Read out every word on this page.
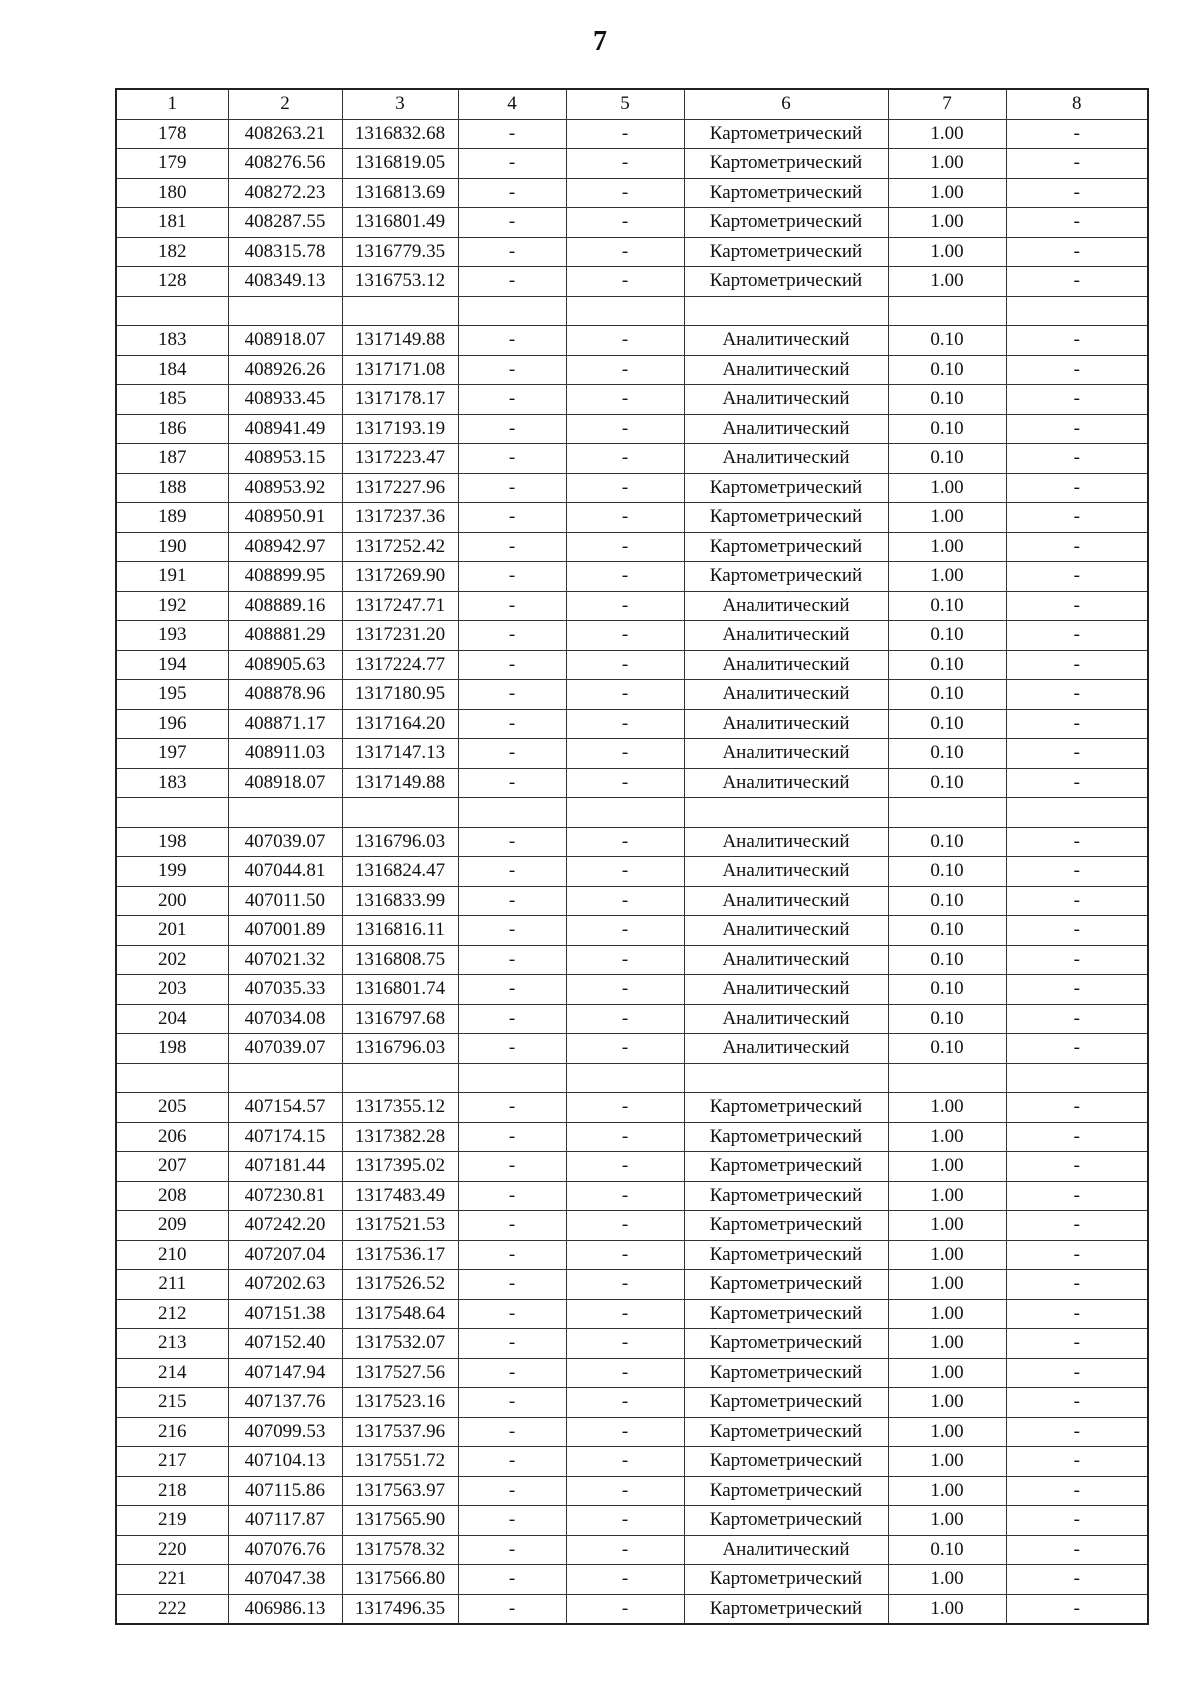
7
1	2	3	4	5	6	7	8
178	408263.21	1316832.68	-	-	Картометрический	1.00	-
179	408276.56	1316819.05	-	-	Картометрический	1.00	-
180	408272.23	1316813.69	-	-	Картометрический	1.00	-
181	408287.55	1316801.49	-	-	Картометрический	1.00	-
182	408315.78	1316779.35	-	-	Картометрический	1.00	-
128	408349.13	1316753.12	-	-	Картометрический	1.00	-

183	408918.07	1317149.88	-	-	Аналитический	0.10	-
184	408926.26	1317171.08	-	-	Аналитический	0.10	-
185	408933.45	1317178.17	-	-	Аналитический	0.10	-
186	408941.49	1317193.19	-	-	Аналитический	0.10	-
187	408953.15	1317223.47	-	-	Аналитический	0.10	-
188	408953.92	1317227.96	-	-	Картометрический	1.00	-
189	408950.91	1317237.36	-	-	Картометрический	1.00	-
190	408942.97	1317252.42	-	-	Картометрический	1.00	-
191	408899.95	1317269.90	-	-	Картометрический	1.00	-
192	408889.16	1317247.71	-	-	Аналитический	0.10	-
193	408881.29	1317231.20	-	-	Аналитический	0.10	-
194	408905.63	1317224.77	-	-	Аналитический	0.10	-
195	408878.96	1317180.95	-	-	Аналитический	0.10	-
196	408871.17	1317164.20	-	-	Аналитический	0.10	-
197	408911.03	1317147.13	-	-	Аналитический	0.10	-
183	408918.07	1317149.88	-	-	Аналитический	0.10	-

198	407039.07	1316796.03	-	-	Аналитический	0.10	-
199	407044.81	1316824.47	-	-	Аналитический	0.10	-
200	407011.50	1316833.99	-	-	Аналитический	0.10	-
201	407001.89	1316816.11	-	-	Аналитический	0.10	-
202	407021.32	1316808.75	-	-	Аналитический	0.10	-
203	407035.33	1316801.74	-	-	Аналитический	0.10	-
204	407034.08	1316797.68	-	-	Аналитический	0.10	-
198	407039.07	1316796.03	-	-	Аналитический	0.10	-

205	407154.57	1317355.12	-	-	Картометрический	1.00	-
206	407174.15	1317382.28	-	-	Картометрический	1.00	-
207	407181.44	1317395.02	-	-	Картометрический	1.00	-
208	407230.81	1317483.49	-	-	Картометрический	1.00	-
209	407242.20	1317521.53	-	-	Картометрический	1.00	-
210	407207.04	1317536.17	-	-	Картометрический	1.00	-
211	407202.63	1317526.52	-	-	Картометрический	1.00	-
212	407151.38	1317548.64	-	-	Картометрический	1.00	-
213	407152.40	1317532.07	-	-	Картометрический	1.00	-
214	407147.94	1317527.56	-	-	Картометрический	1.00	-
215	407137.76	1317523.16	-	-	Картометрический	1.00	-
216	407099.53	1317537.96	-	-	Картометрический	1.00	-
217	407104.13	1317551.72	-	-	Картометрический	1.00	-
218	407115.86	1317563.97	-	-	Картометрический	1.00	-
219	407117.87	1317565.90	-	-	Картометрический	1.00	-
220	407076.76	1317578.32	-	-	Аналитический	0.10	-
221	407047.38	1317566.80	-	-	Картометрический	1.00	-
222	406986.13	1317496.35	-	-	Картометрический	1.00	-
